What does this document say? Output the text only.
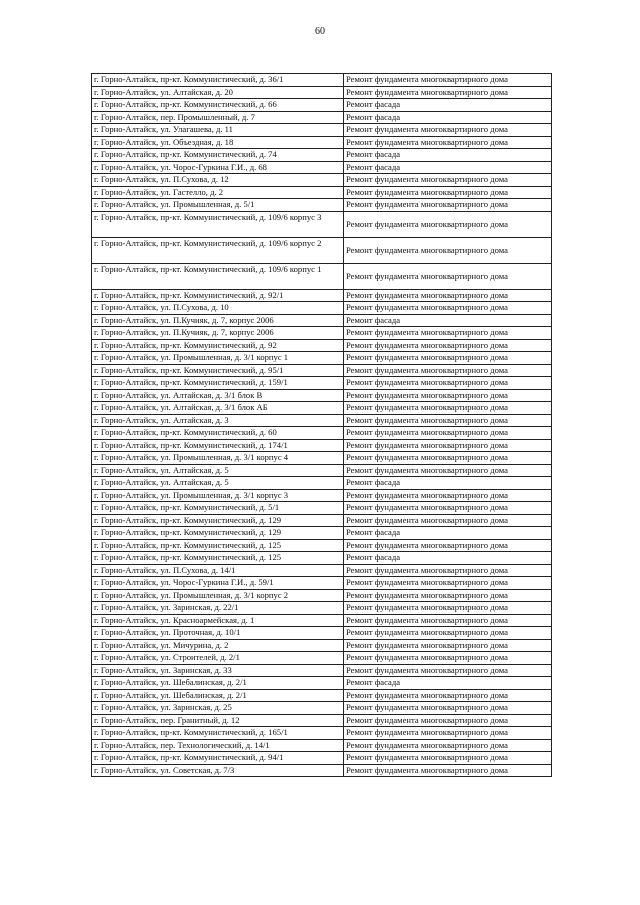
60
г. Горно-Алтайск, пр-кт. Коммунистический, д. 36/1	Ремонт фундамента многоквартирного дома
г. Горно-Алтайск, ул. Алтайская, д. 20	Ремонт фундамента многоквартирного дома
г. Горно-Алтайск, пр-кт. Коммунистический, д. 66	Ремонт фасада
г. Горно-Алтайск, пер. Промышленный, д. 7	Ремонт фасада
г. Горно-Алтайск, ул. Улагашева, д. 11	Ремонт фундамента многоквартирного дома
г. Горно-Алтайск, ул. Объездная, д. 18	Ремонт фундамента многоквартирного дома
г. Горно-Алтайск, пр-кт. Коммунистический, д. 74	Ремонт фасада
г. Горно-Алтайск, ул. Чорос-Гуркина Г.И., д. 68	Ремонт фасада
г. Горно-Алтайск, ул. П.Сухова, д. 12	Ремонт фундамента многоквартирного дома
г. Горно-Алтайск, ул. Гастелло, д. 2	Ремонт фундамента многоквартирного дома
г. Горно-Алтайск, ул. Промышленная, д. 5/1	Ремонт фундамента многоквартирного дома
г. Горно-Алтайск, пр-кт. Коммунистический, д. 109/6 корпус 3	Ремонт фундамента многоквартирного дома
г. Горно-Алтайск, пр-кт. Коммунистический, д. 109/6 корпус 2	Ремонт фундамента многоквартирного дома
г. Горно-Алтайск, пр-кт. Коммунистический, д. 109/6 корпус 1	Ремонт фундамента многоквартирного дома
г. Горно-Алтайск, пр-кт. Коммунистический, д. 92/1	Ремонт фундамента многоквартирного дома
г. Горно-Алтайск, ул. П.Сухова, д. 10	Ремонт фундамента многоквартирного дома
г. Горно-Алтайск, ул. П.Кучияк, д. 7, корпус 2006	Ремонт фасада
г. Горно-Алтайск, ул. П.Кучияк, д. 7, корпус 2006	Ремонт фундамента многоквартирного дома
г. Горно-Алтайск, пр-кт. Коммунистический, д. 92	Ремонт фундамента многоквартирного дома
г. Горно-Алтайск, ул. Промышленная, д. 3/1 корпус 1	Ремонт фундамента многоквартирного дома
г. Горно-Алтайск, пр-кт. Коммунистический, д. 95/1	Ремонт фундамента многоквартирного дома
г. Горно-Алтайск, пр-кт. Коммунистический, д. 159/1	Ремонт фундамента многоквартирного дома
г. Горно-Алтайск, ул. Алтайская, д. 3/1 блок В	Ремонт фундамента многоквартирного дома
г. Горно-Алтайск, ул. Алтайская, д. 3/1 блок АБ	Ремонт фундамента многоквартирного дома
г. Горно-Алтайск, ул. Алтайская, д. 3	Ремонт фундамента многоквартирного дома
г. Горно-Алтайск, пр-кт. Коммунистический, д. 60	Ремонт фундамента многоквартирного дома
г. Горно-Алтайск, пр-кт. Коммунистический, д. 174/1	Ремонт фундамента многоквартирного дома
г. Горно-Алтайск, ул. Промышленная, д. 3/1 корпус 4	Ремонт фундамента многоквартирного дома
г. Горно-Алтайск, ул. Алтайская, д. 5	Ремонт фундамента многоквартирного дома
г. Горно-Алтайск, ул. Алтайская, д. 5	Ремонт фасада
г. Горно-Алтайск, ул. Промышленная, д. 3/1 корпус 3	Ремонт фундамента многоквартирного дома
г. Горно-Алтайск, пр-кт. Коммунистический, д. 5/1	Ремонт фундамента многоквартирного дома
г. Горно-Алтайск, пр-кт. Коммунистический, д. 129	Ремонт фундамента многоквартирного дома
г. Горно-Алтайск, пр-кт. Коммунистический, д. 129	Ремонт фасада
г. Горно-Алтайск, пр-кт. Коммунистический, д. 125	Ремонт фундамента многоквартирного дома
г. Горно-Алтайск, пр-кт. Коммунистический, д. 125	Ремонт фасада
г. Горно-Алтайск, ул. П.Сухова, д. 14/1	Ремонт фундамента многоквартирного дома
г. Горно-Алтайск, ул. Чорос-Гуркина Г.И., д. 59/1	Ремонт фундамента многоквартирного дома
г. Горно-Алтайск, ул. Промышленная, д. 3/1 корпус 2	Ремонт фундамента многоквартирного дома
г. Горно-Алтайск, ул. Заринская, д. 22/1	Ремонт фундамента многоквартирного дома
г. Горно-Алтайск, ул. Красноармейская, д. 1	Ремонт фундамента многоквартирного дома
г. Горно-Алтайск, ул. Проточная, д. 10/1	Ремонт фундамента многоквартирного дома
г. Горно-Алтайск, ул. Мичурина, д. 2	Ремонт фундамента многоквартирного дома
г. Горно-Алтайск, ул. Строителей, д. 2/1	Ремонт фундамента многоквартирного дома
г. Горно-Алтайск, ул. Заринская, д. 33	Ремонт фундамента многоквартирного дома
г. Горно-Алтайск, ул. Шебалинская, д. 2/1	Ремонт фасада
г. Горно-Алтайск, ул. Шебалинская, д. 2/1	Ремонт фундамента многоквартирного дома
г. Горно-Алтайск, ул. Заринская, д. 25	Ремонт фундамента многоквартирного дома
г. Горно-Алтайск, пер. Гранитный, д. 12	Ремонт фундамента многоквартирного дома
г. Горно-Алтайск, пр-кт. Коммунистический, д. 165/1	Ремонт фундамента многоквартирного дома
г. Горно-Алтайск, пер. Технологический, д. 14/1	Ремонт фундамента многоквартирного дома
г. Горно-Алтайск, пр-кт. Коммунистический, д. 94/1	Ремонт фундамента многоквартирного дома
г. Горно-Алтайск, ул. Советская, д. 7/3	Ремонт фундамента многоквартирного дома
